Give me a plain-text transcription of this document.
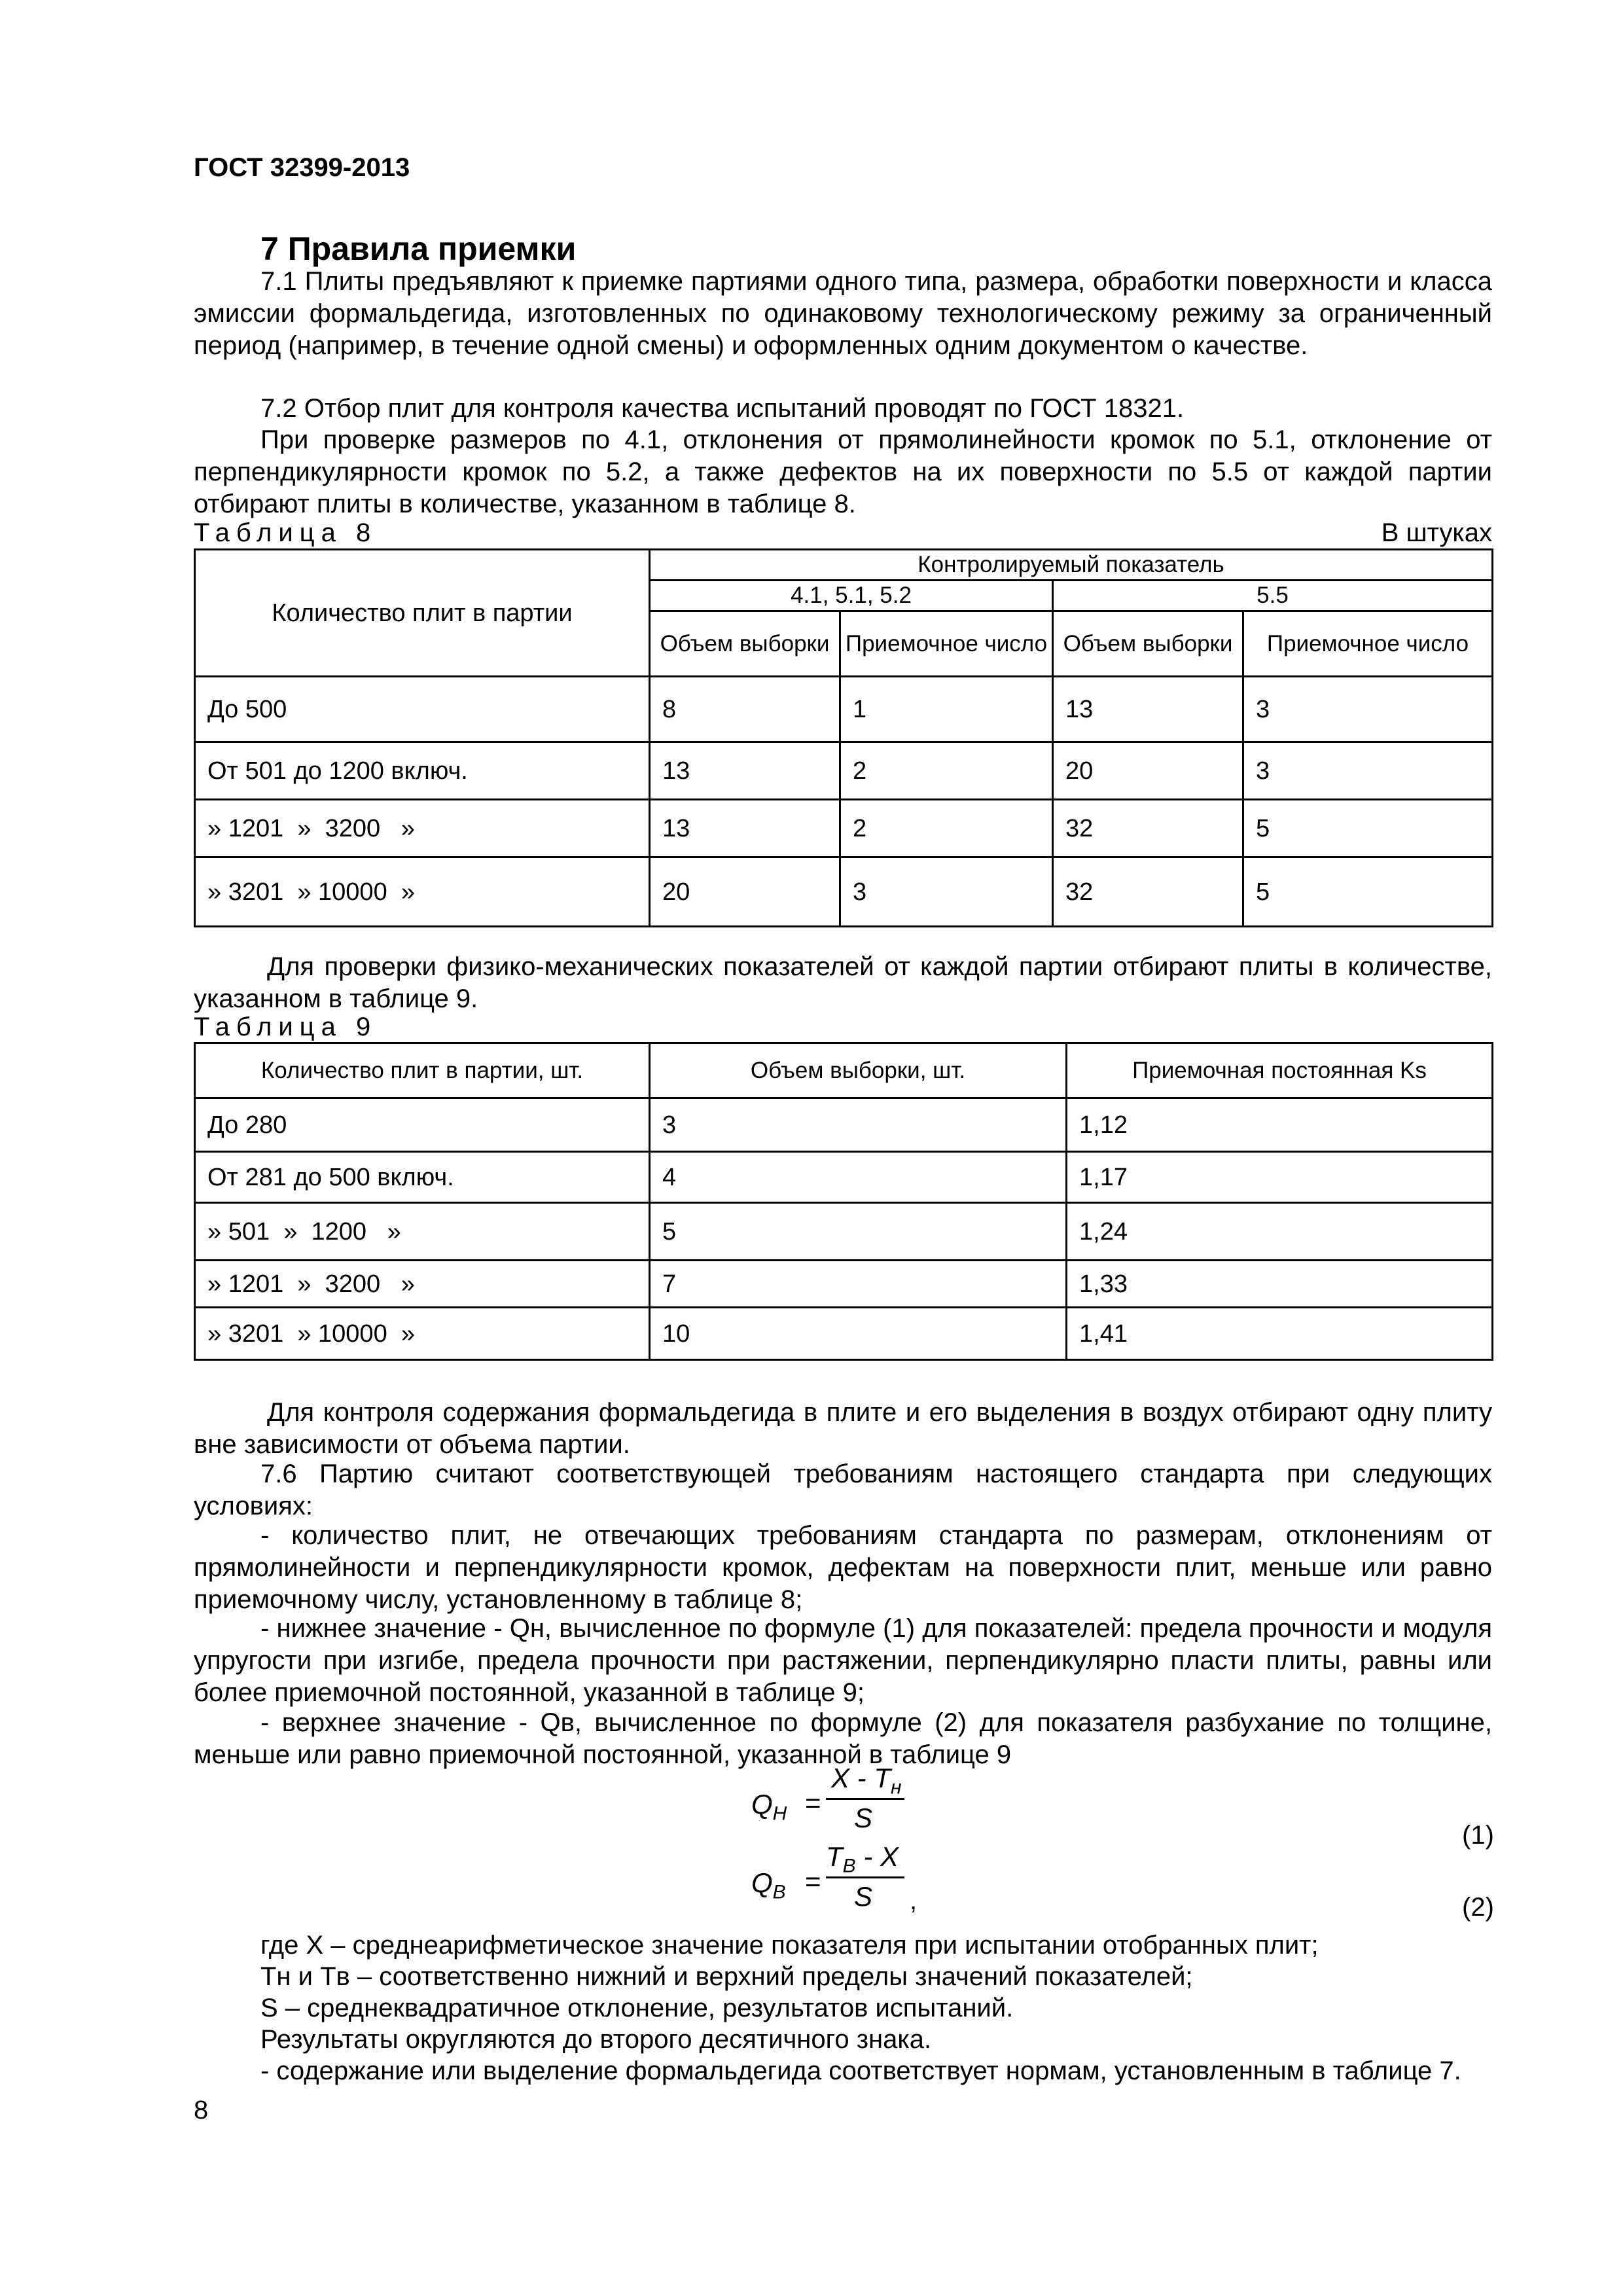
ГОСТ 32399-2013
7 Правила приемки
7.1 Плиты предъявляют к приемке партиями одного типа, размера, обработки поверхности и класса эмиссии формальдегида, изготовленных по одинаковому технологическому режиму за ограниченный период (например, в течение одной смены) и оформленных одним документом о качестве.
7.2 Отбор плит для контроля качества испытаний проводят по ГОСТ 18321.
При проверке размеров по 4.1, отклонения от прямолинейности кромок по 5.1, отклонение от перпендикулярности кромок по 5.2, а также дефектов на их поверхности по 5.5 от каждой партии отбирают плиты в количестве, указанном в таблице 8.
Таблица 8	В штуках
Количество плит в партии	Контролируемый показатель			
	4.1, 5.1, 5.2		5.5	
	Объем выборки	Приемочное число	Объем выборки	Приемочное число
До 500	8	1	13	3
От 501 до 1200 включ.	13	2	20	3
» 1201  »  3200   »	13	2	32	5
» 3201  » 10000  »	20	3	32	5
Для проверки физико-механических показателей от каждой партии отбирают плиты в количестве, указанном в таблице 9.
Таблица 9
Количество плит в партии, шт.	Объем выборки, шт.	Приемочная постоянная Ks
До 280	3	1,12
От 281 до 500 включ.	4	1,17
» 501  »  1200   »	5	1,24
» 1201  »  3200   »	7	1,33
» 3201  » 10000  »	10	1,41
Для контроля содержания формальдегида в плите и его выделения в воздух отбирают одну плиту вне зависимости от объема партии.
7.6 Партию считают соответствующей требованиям настоящего стандарта при следующих условиях:
- количество плит, не отвечающих требованиям стандарта по размерам, отклонениям от прямолинейности и перпендикулярности кромок, дефектам на поверхности плит, меньше или равно приемочному числу, установленному в таблице 8;
- нижнее значение - Qн, вычисленное по формуле (1) для показателей: предела прочности и модуля упругости при изгибе, предела прочности при растяжении, перпендикулярно пласти плиты, равны или более приемочной постоянной, указанной в таблице 9;
- верхнее значение - Qв, вычисленное по формуле (2) для показателя разбухание по толщине, меньше или равно приемочной постоянной, указанной в таблице 9
$Q_H$ =
X - $T_н$
S
(1)
$Q_B$ =
$T_B$ - X
S ,	(2)
где X – среднеарифметическое значение показателя при испытании отобранных плит;
Tн и Tв – соответственно нижний и верхний пределы значений показателей;
S – среднеквадратичное отклонение, результатов испытаний.
Результаты округляются до второго десятичного знака.
- содержание или выделение формальдегида соответствует нормам, установленным в таблице 7.
8
